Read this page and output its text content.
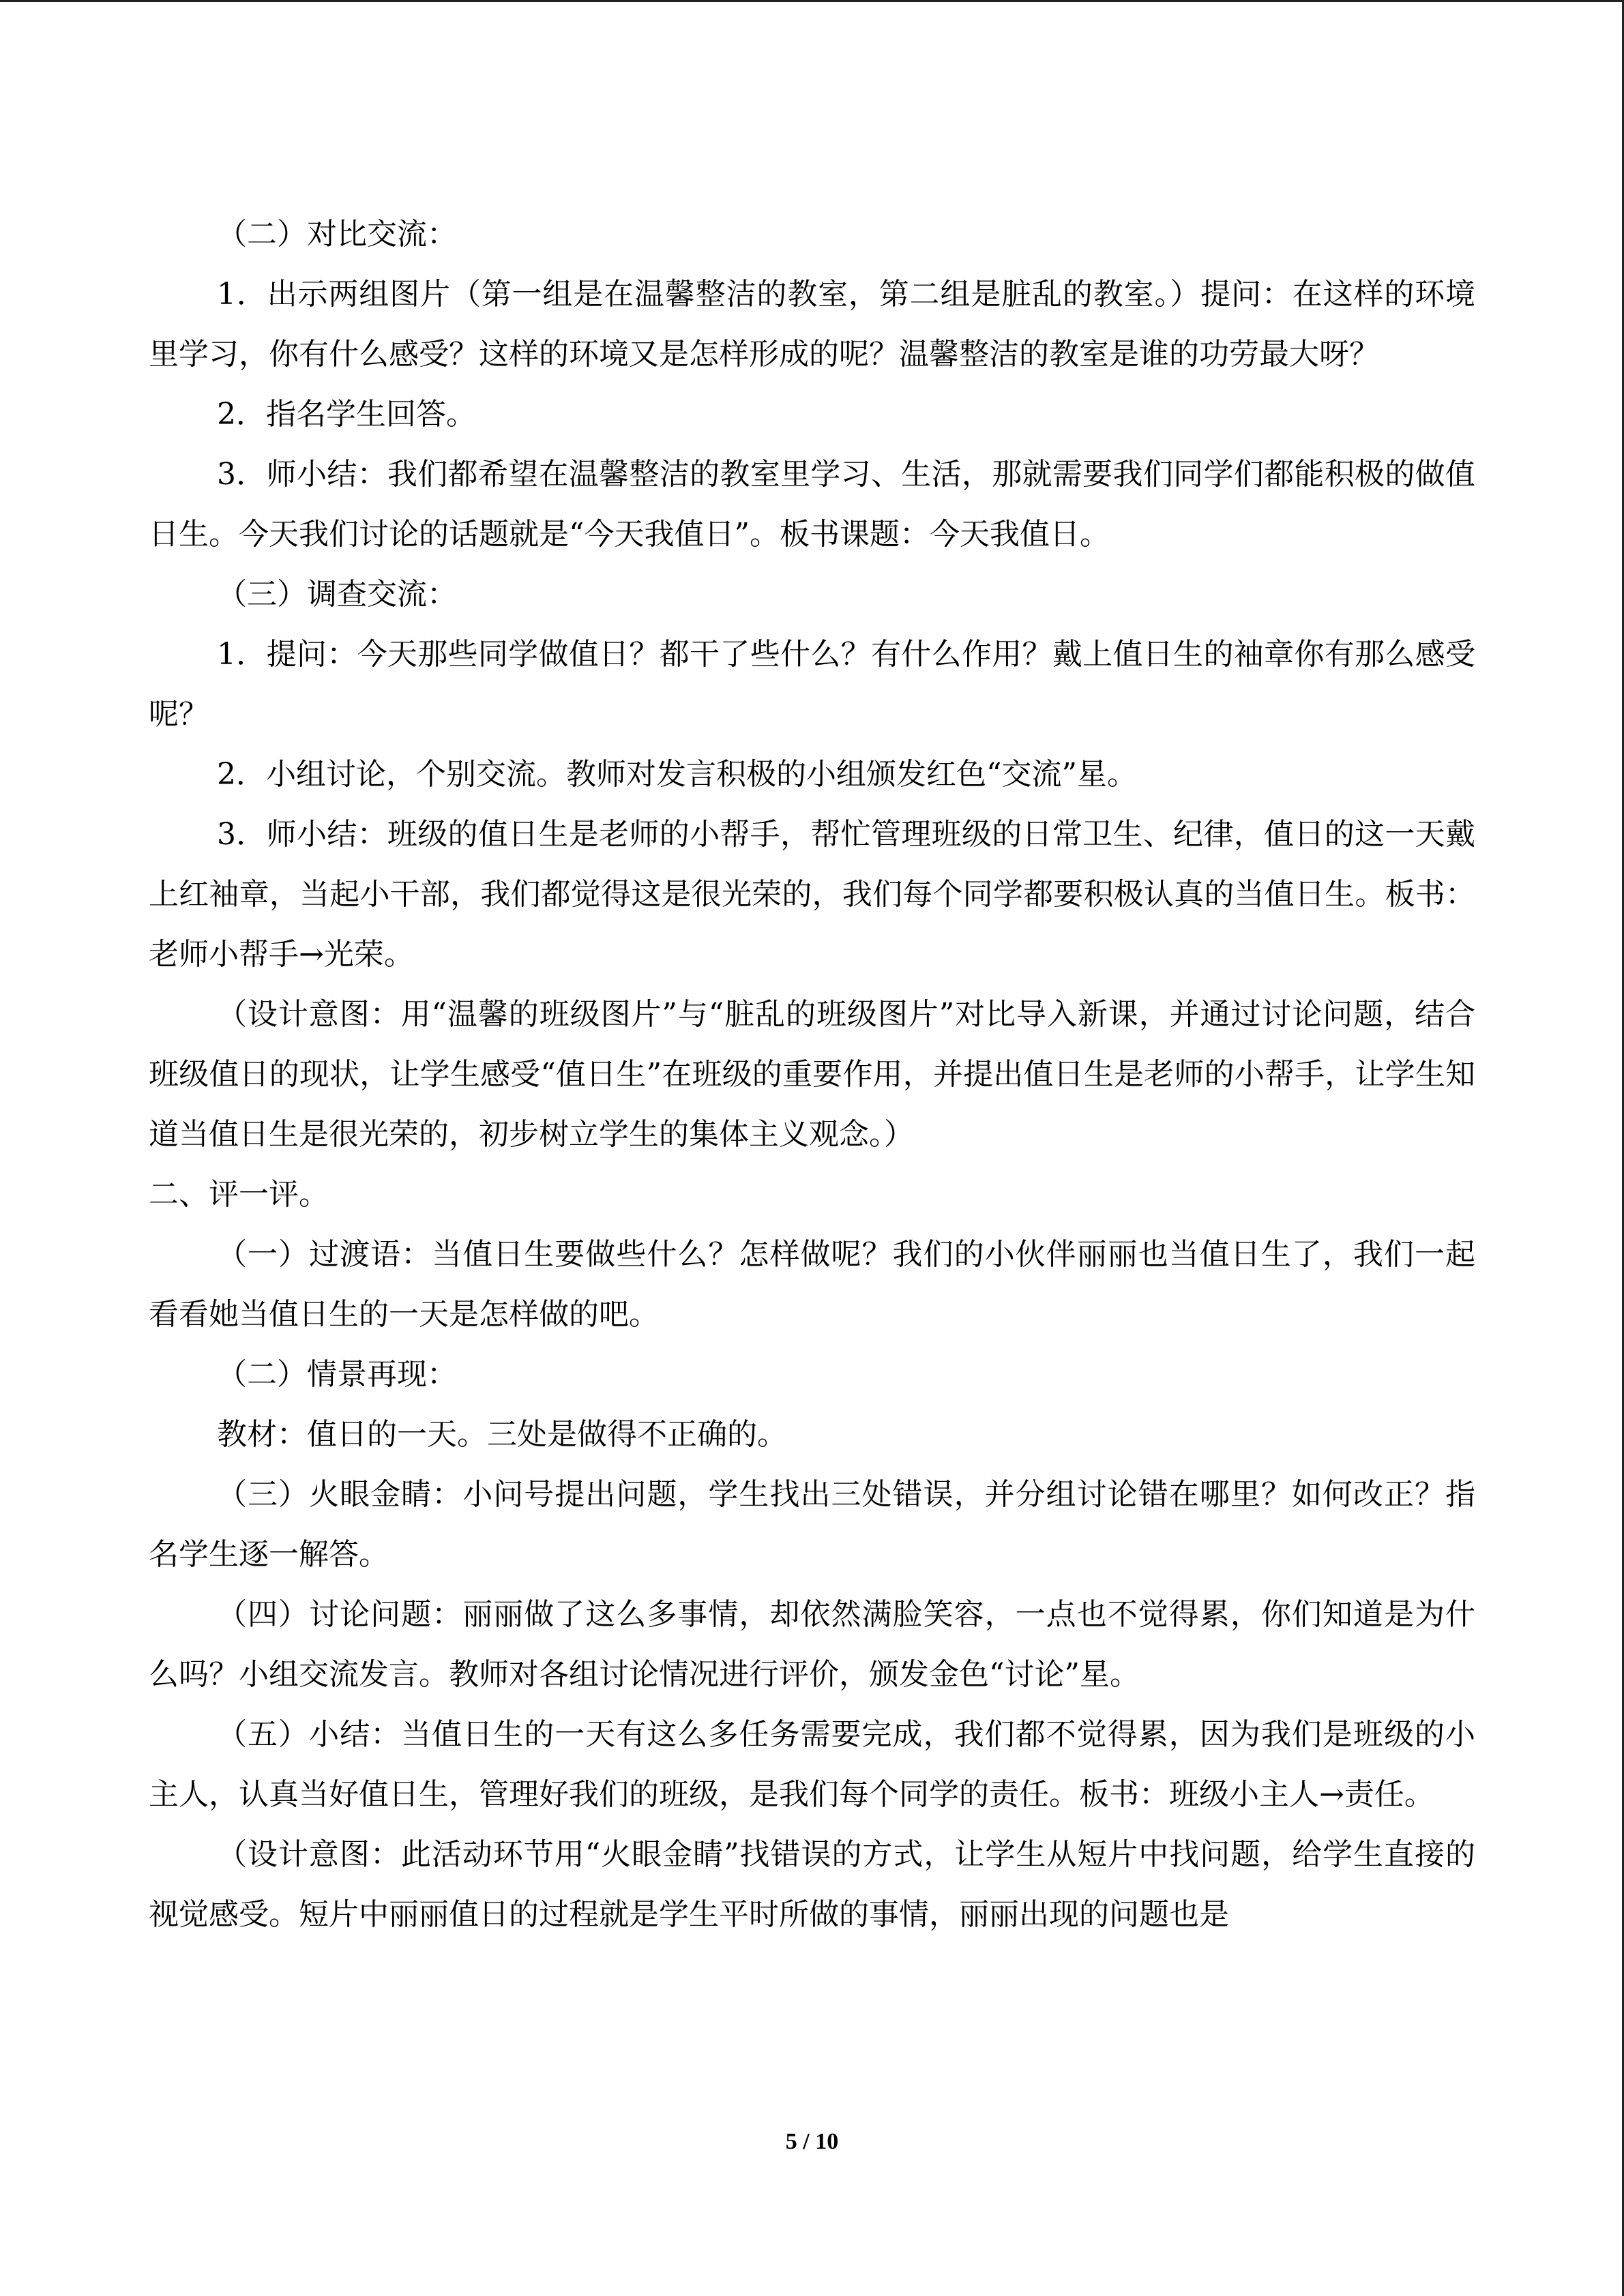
（二）对比交流：

1．出示两组图片（第一组是在温馨整洁的教室，第二组是脏乱的教室。）提问：在这样的环境里学习，你有什么感受？这样的环境又是怎样形成的呢？温馨整洁的教室是谁的功劳最大呀？

2．指名学生回答。

3．师小结：我们都希望在温馨整洁的教室里学习、生活，那就需要我们同学们都能积极的做值日生。今天我们讨论的话题就是“今天我值日”。板书课题：今天我值日。

（三）调查交流：

1．提问：今天那些同学做值日？都干了些什么？有什么作用？戴上值日生的袖章你有那么感受呢？

2．小组讨论，个别交流。教师对发言积极的小组颁发红色“交流”星。

3．师小结：班级的值日生是老师的小帮手，帮忙管理班级的日常卫生、纪律，值日的这一天戴上红袖章，当起小干部，我们都觉得这是很光荣的，我们每个同学都要积极认真的当值日生。板书：老师小帮手→光荣。

（设计意图：用“温馨的班级图片”与“脏乱的班级图片”对比导入新课，并通过讨论问题，结合班级值日的现状，让学生感受“值日生”在班级的重要作用，并提出值日生是老师的小帮手，让学生知道当值日生是很光荣的，初步树立学生的集体主义观念。）

二、评一评。

（一）过渡语：当值日生要做些什么？怎样做呢？我们的小伙伴丽丽也当值日生了，我们一起看看她当值日生的一天是怎样做的吧。

（二）情景再现：

教材：值日的一天。三处是做得不正确的。

（三）火眼金睛：小问号提出问题，学生找出三处错误，并分组讨论错在哪里？如何改正？指名学生逐一解答。

（四）讨论问题：丽丽做了这么多事情，却依然满脸笑容，一点也不觉得累，你们知道是为什么吗？小组交流发言。教师对各组讨论情况进行评价，颁发金色“讨论”星。

（五）小结：当值日生的一天有这么多任务需要完成，我们都不觉得累，因为我们是班级的小主人，认真当好值日生，管理好我们的班级，是我们每个同学的责任。板书：班级小主人→责任。

（设计意图：此活动环节用“火眼金睛”找错误的方式，让学生从短片中找问题，给学生直接的视觉感受。短片中丽丽值日的过程就是学生平时所做的事情，丽丽出现的问题也是

5 / 10
